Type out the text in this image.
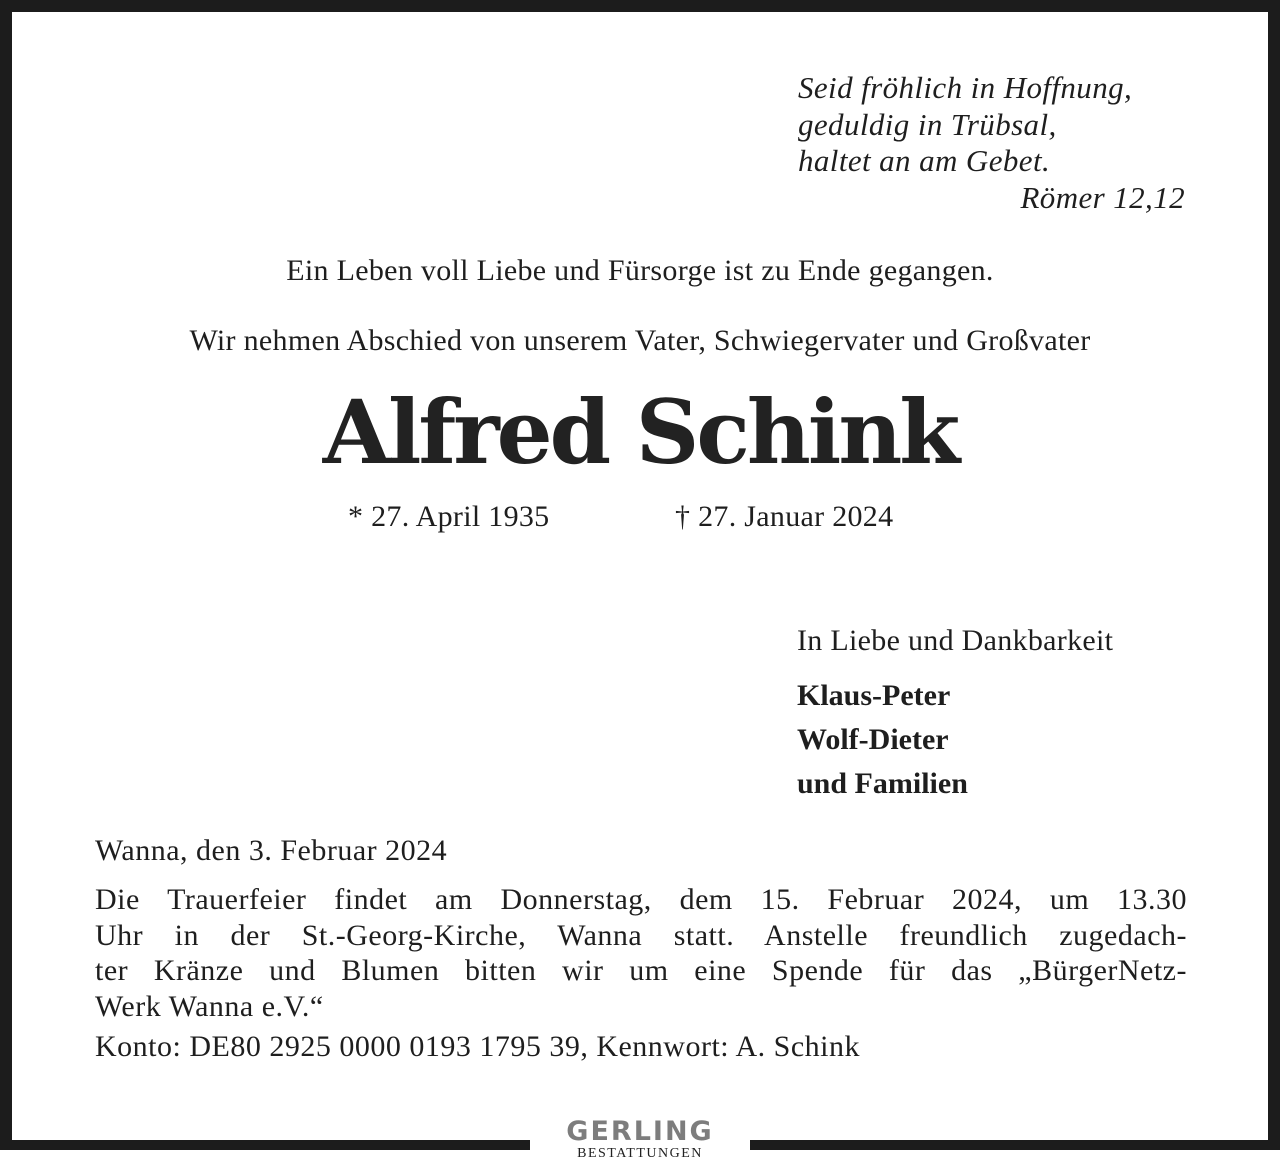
Seid fröhlich in Hoffnung,
geduldig in Trübsal,
haltet an am Gebet.
Römer 12,12
Ein Leben voll Liebe und Fürsorge ist zu Ende gegangen.
Wir nehmen Abschied von unserem Vater, Schwiegervater und Großvater
Alfred Schink
* 27. April 1935	† 27. Januar 2024
In Liebe und Dankbarkeit
Klaus-Peter
Wolf-Dieter
und Familien
Wanna, den 3. Februar 2024
Die Trauerfeier findet am Donnerstag, dem 15. Februar 2024, um 13.30
Uhr in der St.-Georg-Kirche, Wanna statt. Anstelle freundlich zugedach-
ter Kränze und Blumen bitten wir um eine Spende für das „BürgerNetz-
Werk Wanna e.V.“
Konto: DE80 2925 0000 0193 1795 39, Kennwort: A. Schink
GERLING
BESTATTUNGEN
